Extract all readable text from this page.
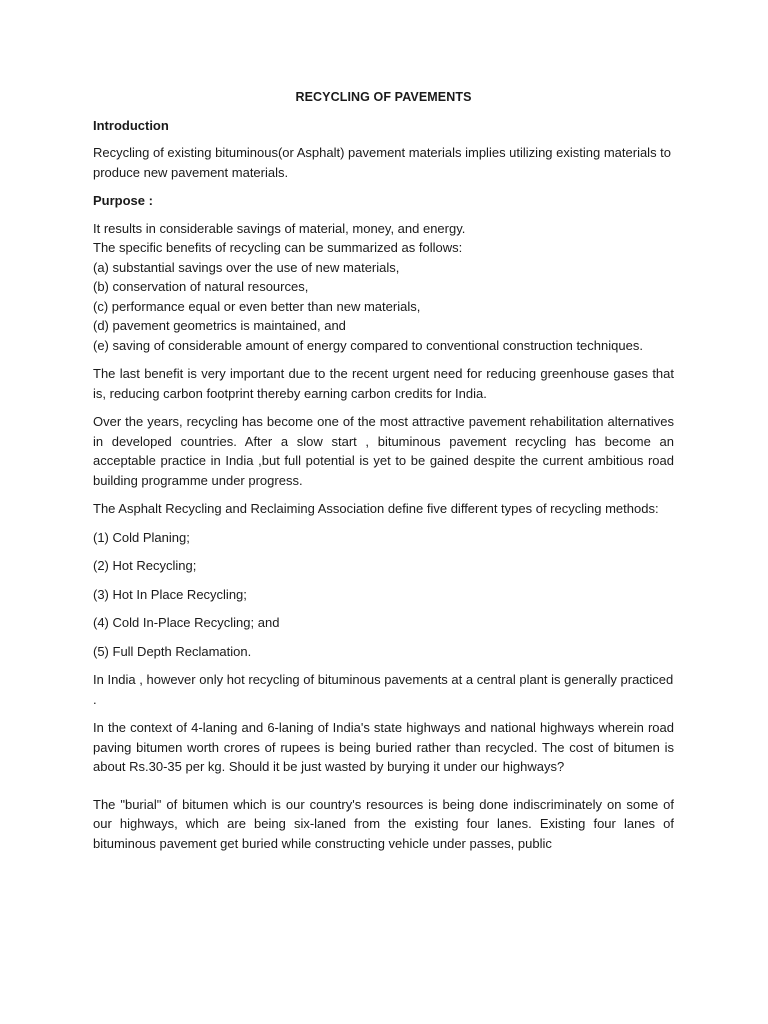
RECYCLING OF PAVEMENTS
Introduction
Recycling of existing bituminous(or Asphalt) pavement materials implies utilizing existing materials to produce new pavement materials.
Purpose :
It results in considerable savings of material, money, and energy.
The specific benefits of recycling can be summarized as follows:
(a) substantial savings over the use of new materials,
(b) conservation of natural resources,
(c) performance equal or even better than new materials,
(d) pavement geometrics is maintained, and
(e) saving of considerable amount of energy compared to conventional construction techniques.
The last benefit is very important due to the recent urgent need for reducing greenhouse gases that is, reducing carbon footprint thereby earning carbon credits for India.
Over the years, recycling has become one of the most attractive pavement rehabilitation alternatives in developed countries. After a slow start , bituminous pavement recycling has become an acceptable practice in India ,but full potential is yet to be gained despite the current ambitious road building programme under progress.
The Asphalt Recycling and Reclaiming Association define five different types of recycling methods:
(1) Cold Planing;
(2) Hot Recycling;
(3) Hot In Place Recycling;
(4) Cold In-Place Recycling; and
(5) Full Depth Reclamation.
In India , however only hot recycling of bituminous pavements at a central plant is generally practiced .
In the context of 4-laning and 6-laning of India's state highways and national highways wherein road paving bitumen worth crores of rupees is being buried rather than recycled. The cost of bitumen is about Rs.30-35 per kg. Should it be just wasted by burying it under our highways?
The "burial" of bitumen which is our country's resources is being done indiscriminately on some of our highways, which are being six-laned from the existing four lanes. Existing four lanes of bituminous pavement get buried while constructing vehicle under passes, public
